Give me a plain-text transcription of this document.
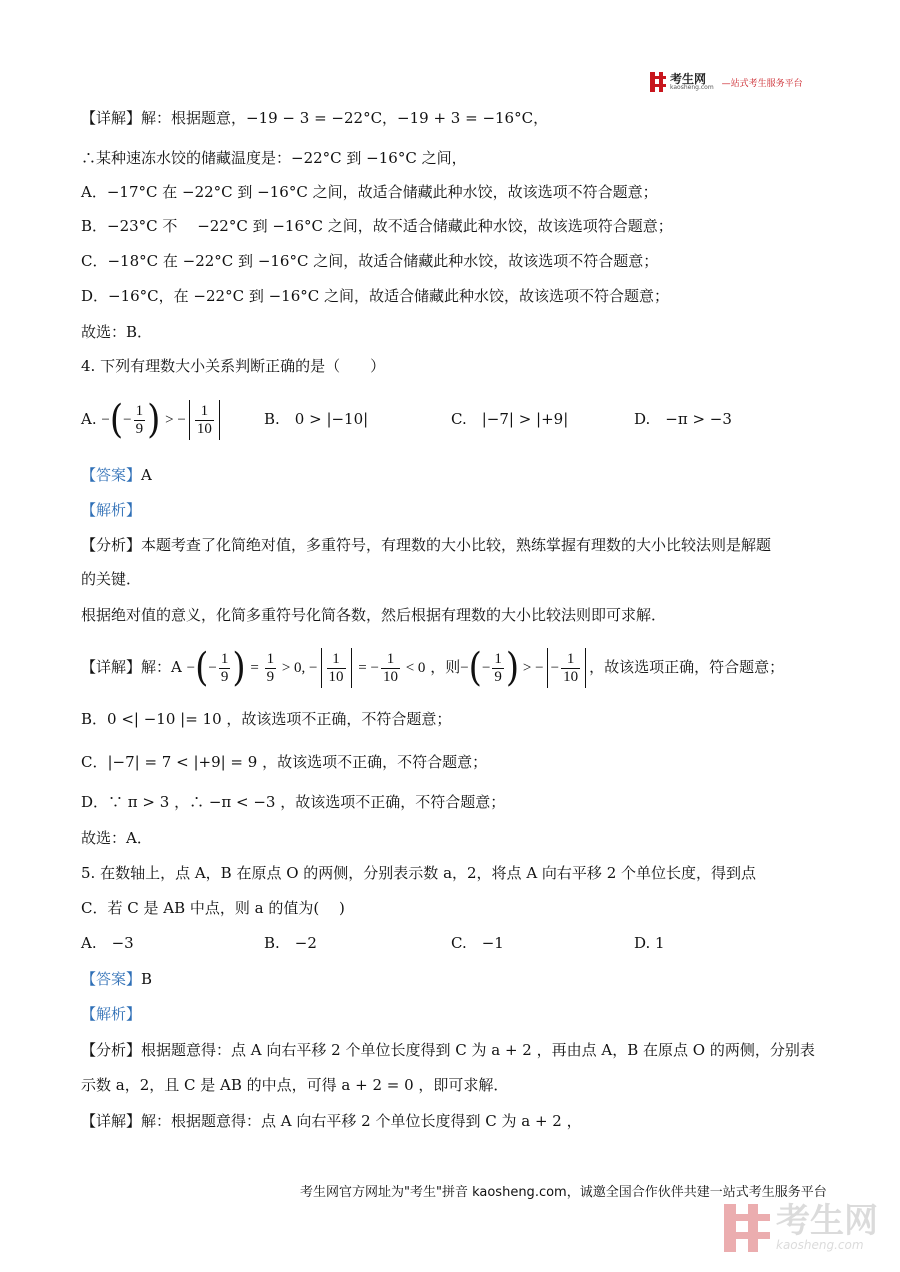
考生网
kaosheng.com —站式考生服务平台
【详解】解：根据题意，−19 − 3 = −22°C，−19 + 3 = −16°C，
∴某种速冻水饺的储藏温度是：−22°C 到 −16°C 之间，
A．−17°C 在 −22°C 到 −16°C 之间，故适合储藏此种水饺，故该选项不符合题意；
B．−23°C 不　 −22°C 到 −16°C 之间，故不适合储藏此种水饺，故该选项符合题意；
C．−18°C 在 −22°C 到 −16°C 之间，故适合储藏此种水饺，故该选项不符合题意；
D．−16°C，在 −22°C 到 −16°C 之间，故适合储藏此种水饺，故该选项不符合题意；
故选：B．
4. 下列有理数大小关系判断正确的是（　　）
A. −(− $\frac{1}{9}$ ) > − $\frac{1}{10}$	B.　0 > |−10|	C.　|−7| > |+9|	D.　−π > −3
【答案】A
【解析】
【分析】本题考查了化简绝对值，多重符号，有理数的大小比较，熟练掌握有理数的大小比较法则是解题
的关键．
根据绝对值的意义，化简多重符号化简各数，然后根据有理数的大小比较法则即可求解．
【详解】解：A −(− $\frac{1}{9}$ ) = $\frac{1}{9} > 0$, − $\frac{1}{10}$ = − $\frac{1}{10} < 0$ ，则−(− $\frac{1}{9}$ ) > − − $\frac{1}{10}$ ，故该选项正确，符合题意；
B．0 <| −10 |= 10 ，故该选项不正确，不符合题意；
C．|−7| = 7 < |+9| = 9 ，故该选项不正确，不符合题意；
D．∵ π > 3 ，∴ −π < −3 ，故该选项不正确，不符合题意；
故选：A．
5. 在数轴上，点 A，B 在原点 O 的两侧，分别表示数 a，2，将点 A 向右平移 2 个单位长度，得到点
C．若 C 是 AB 中点，则 a 的值为(　 )
A.　−3	B.　−2	C.　−1	D. 1
【答案】B
【解析】
【分析】根据题意得：点 A 向右平移 2 个单位长度得到 C 为 a + 2 ，再由点 A，B 在原点 O 的两侧，分别表
示数 a，2，且 C 是 AB 的中点，可得 a + 2 = 0 ，即可求解．
【详解】解：根据题意得：点 A 向右平移 2 个单位长度得到 C 为 a + 2 ，
考生网官方网址为"考生"拼音 kaosheng.com，诚邀全国合作伙伴共建一站式考生服务平台
考生网
kaosheng.com
